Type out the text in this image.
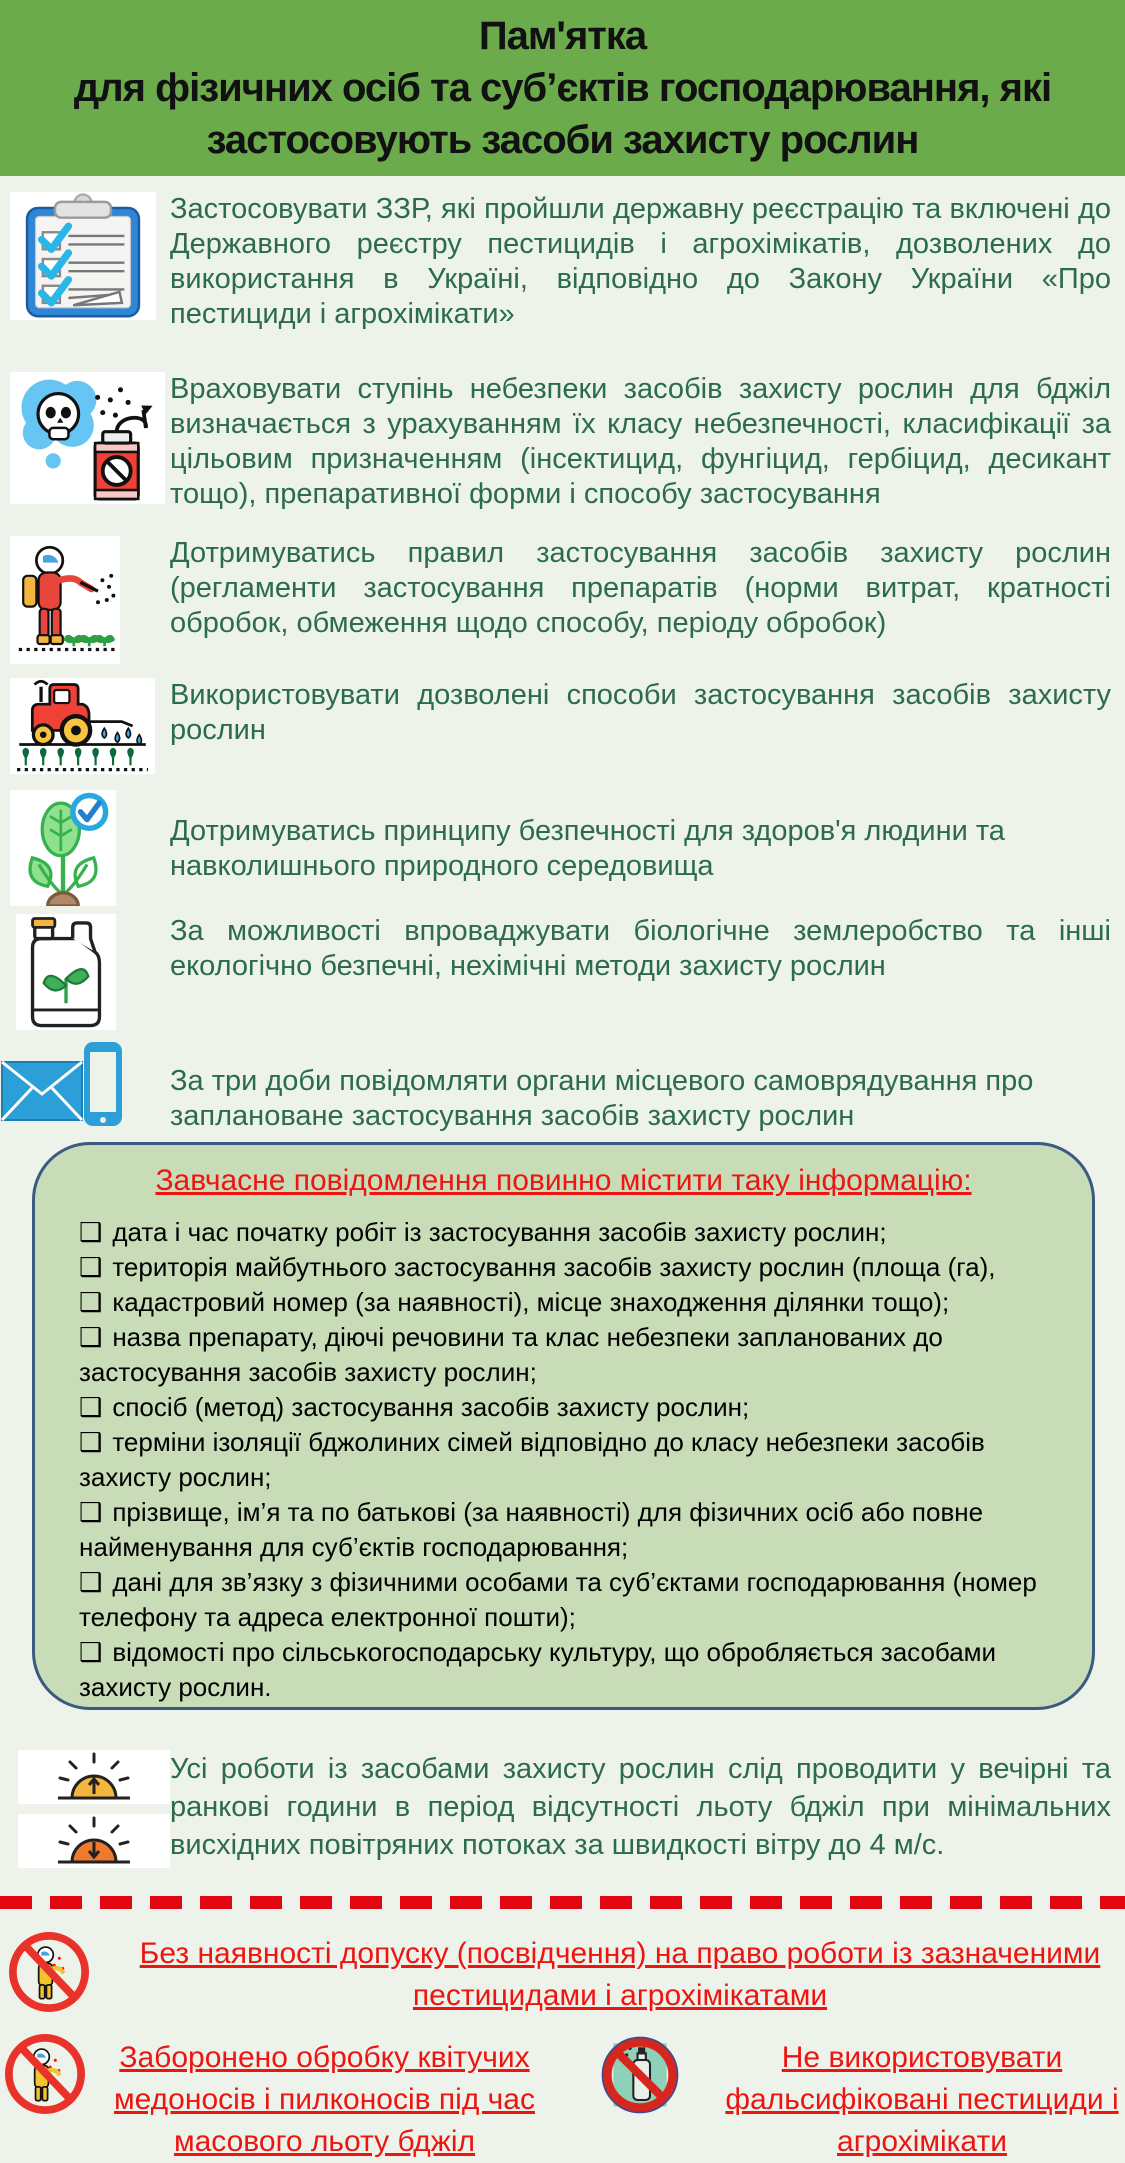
Пам'ятка
для фізичних осіб та суб’єктів господарювання, які
застосовують засоби захисту рослин

Застосовувати ЗЗР, які пройшли державну реєстрацію та включені до Державного реєстру пестицидів і агрохімікатів, дозволених до використання в Україні, відповідно до Закону України «Про пестициди і агрохімікати»

Враховувати ступінь небезпеки засобів захисту рослин для бджіл визначається з урахуванням їх класу небезпечності, класифікації за цільовим призначенням (інсектицид, фунгіцид, гербіцид, десикант тощо), препаративної форми і способу застосування

Дотримуватись правил застосування засобів захисту рослин (регламенти застосування препаратів (норми витрат, кратності обробок, обмеження щодо способу, періоду обробок)

Використовувати дозволені способи застосування засобів захисту рослин

Дотримуватись принципу безпечності для здоров'я людини та навколишнього природного середовища

За можливості впроваджувати біологічне землеробство та інші екологічно безпечні, нехімічні методи захисту рослин

За три доби повідомляти органи місцевого самоврядування про заплановане застосування засобів захисту рослин

Завчасне повідомлення повинно містити таку інформацію:
❑ дата і час початку робіт із застосування засобів захисту рослин;
❑ територія майбутнього застосування засобів захисту рослин (площа (га),
❑ кадастровий номер (за наявності), місце знаходження ділянки тощо);
❑ назва препарату, діючі речовини та клас небезпеки запланованих до застосування засобів захисту рослин;
❑ спосіб (метод) застосування засобів захисту рослин;
❑ терміни ізоляції бджолиних сімей відповідно до класу небезпеки засобів захисту рослин;
❑ прізвище, ім’я та по батькові (за наявності) для фізичних осіб або повне найменування для суб’єктів господарювання;
❑ дані для зв’язку з фізичними особами та суб’єктами господарювання (номер телефону та адреса електронної пошти);
❑ відомості про сільськогосподарську культуру, що обробляється засобами захисту рослин.

Усі роботи із засобами захисту рослин слід проводити у вечірні та ранкові години в період відсутності льоту бджіл при мінімальних висхідних повітряних потоках за швидкості вітру до 4 м/с.

Без наявності допуску (посвідчення) на право роботи із зазначеними пестицидами і агрохімікатами

Заборонено обробку квітучих медоносів і пилконосів під час масового льоту бджіл

Не використовувати фальсифіковані пестициди і агрохімікати
